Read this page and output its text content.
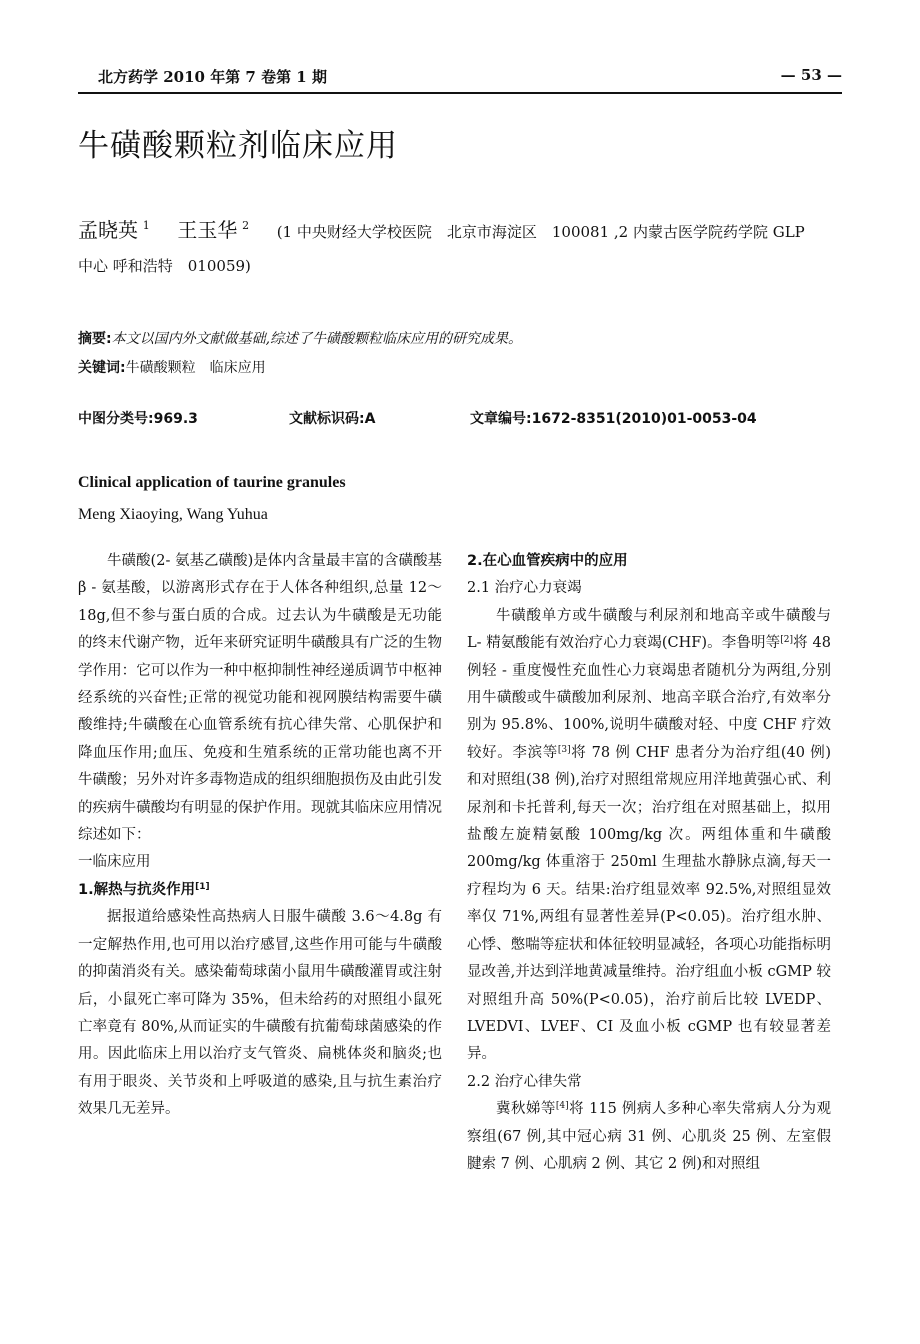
北方药学 2010 年第 7 卷第 1 期	— 53 —
牛磺酸颗粒剂临床应用
孟晓英 $^1$ 王玉华 $^2$ (1 中央财经大学校医院　北京市海淀区　100081 ,2 内蒙古医学院药学院 GLP
中心 呼和浩特　010059)
摘要:本文以国内外文献做基础,综述了牛磺酸颗粒临床应用的研究成果。
关键词:牛磺酸颗粒　临床应用
中图分类号:969.3	文献标识码:A	文章编号:1672-8351(2010)01-0053-04
Clinical application of taurine granules
Meng Xiaoying, Wang Yuhua

牛磺酸(2- 氨基乙磺酸)是体内含量最丰富的含磺酸基 β - 氨基酸，以游离形式存在于人体各种组织,总量 12～18g,但不参与蛋白质的合成。过去认为牛磺酸是无功能的终末代谢产物，近年来研究证明牛磺酸具有广泛的生物学作用：它可以作为一种中枢抑制性神经递质调节中枢神经系统的兴奋性;正常的视觉功能和视网膜结构需要牛磺酸维持;牛磺酸在心血管系统有抗心律失常、心肌保护和降血压作用;血压、免疫和生殖系统的正常功能也离不开牛磺酸；另外对许多毒物造成的组织细胞损伤及由此引发的疾病牛磺酸均有明显的保护作用。现就其临床应用情况综述如下：

一临床应用

1.解热与抗炎作用[1]

据报道给感染性高热病人日服牛磺酸 3.6～4.8g 有一定解热作用,也可用以治疗感冒,这些作用可能与牛磺酸的抑菌消炎有关。感染葡萄球菌小鼠用牛磺酸灌胃或注射后，小鼠死亡率可降为 35%，但未给药的对照组小鼠死亡率竟有 80%,从而证实的牛磺酸有抗葡萄球菌感染的作用。因此临床上用以治疗支气管炎、扁桃体炎和脑炎;也有用于眼炎、关节炎和上呼吸道的感染,且与抗生素治疗效果几无差异。

2.在心血管疾病中的应用

2.1 治疗心力衰竭

牛磺酸单方或牛磺酸与利尿剂和地高辛或牛磺酸与 L- 精氨酸能有效治疗心力衰竭(CHF)。李鲁明等[2]将 48 例轻 - 重度慢性充血性心力衰竭患者随机分为两组,分别用牛磺酸或牛磺酸加利尿剂、地高辛联合治疗,有效率分别为 95.8%、100%,说明牛磺酸对轻、中度 CHF 疗效较好。李滨等[3]将 78 例 CHF 患者分为治疗组(40 例)和对照组(38 例),治疗对照组常规应用洋地黄强心甙、利尿剂和卡托普利,每天一次；治疗组在对照基础上，拟用盐酸左旋精氨酸 100mg/kg 次。两组体重和牛磺酸 200mg/kg 体重溶于 250ml 生理盐水静脉点滴,每天一疗程均为 6 天。结果:治疗组显效率 92.5%,对照组显效率仅 71%,两组有显著性差异(P<0.05)。治疗组水肿、心悸、憋喘等症状和体征较明显减轻，各项心功能指标明显改善,并达到洋地黄减量维持。治疗组血小板 cGMP 较对照组升高 50%(P<0.05)，治疗前后比较 LVEDP、LVEDVI、LVEF、CI 及血小板 cGMP 也有较显著差异。

2.2 治疗心律失常

冀秋娣等[4]将 115 例病人多种心率失常病人分为观察组(67 例,其中冠心病 31 例、心肌炎 25 例、左室假腱索 7 例、心肌病 2 例、其它 2 例)和对照组
